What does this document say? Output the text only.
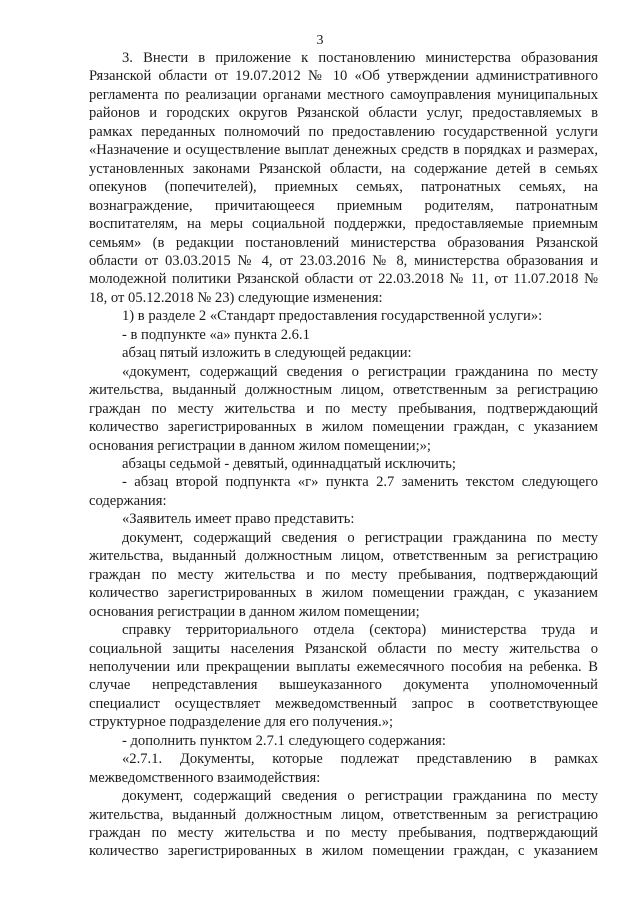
3

3. Внести в приложение к постановлению министерства образования Рязанской области от 19.07.2012 № 10 «Об утверждении административного регламента по реализации органами местного самоуправления муниципальных районов и городских округов Рязанской области услуг, предоставляемых в рамках переданных полномочий по предоставлению государственной услуги «Назначение и осуществление выплат денежных средств в порядках и размерах, установленных законами Рязанской области, на содержание детей в семьях опекунов (попечителей), приемных семьях, патронатных семьях, на вознаграждение, причитающееся приемным родителям, патронатным воспитателям, на меры социальной поддержки, предоставляемые приемным семьям» (в редакции постановлений министерства образования Рязанской области от 03.03.2015 № 4, от 23.03.2016 № 8, министерства образования и молодежной политики Рязанской области от 22.03.2018 № 11, от 11.07.2018 № 18, от 05.12.2018 № 23) следующие изменения:

1) в разделе 2 «Стандарт предоставления государственной услуги»:

- в подпункте «а» пункта 2.6.1

абзац пятый изложить в следующей редакции:

«документ, содержащий сведения о регистрации гражданина по месту жительства, выданный должностным лицом, ответственным за регистрацию граждан по месту жительства и по месту пребывания, подтверждающий количество зарегистрированных в жилом помещении граждан, с указанием основания регистрации в данном жилом помещении;»;

абзацы седьмой - девятый, одиннадцатый исключить;

- абзац второй подпункта «г» пункта 2.7 заменить текстом следующего содержания:

«Заявитель имеет право представить:

документ, содержащий сведения о регистрации гражданина по месту жительства, выданный должностным лицом, ответственным за регистрацию граждан по месту жительства и по месту пребывания, подтверждающий количество зарегистрированных в жилом помещении граждан, с указанием основания регистрации в данном жилом помещении;

справку территориального отдела (сектора) министерства труда и социальной защиты населения Рязанской области по месту жительства о неполучении или прекращении выплаты ежемесячного пособия на ребенка. В случае непредставления вышеуказанного документа уполномоченный специалист осуществляет межведомственный запрос в соответствующее структурное подразделение для его получения.»;

- дополнить пунктом 2.7.1 следующего содержания:

«2.7.1. Документы, которые подлежат представлению в рамках межведомственного взаимодействия:

документ, содержащий сведения о регистрации гражданина по месту жительства, выданный должностным лицом, ответственным за регистрацию граждан по месту жительства и по месту пребывания, подтверждающий количество зарегистрированных в жилом помещении граждан, с указанием
